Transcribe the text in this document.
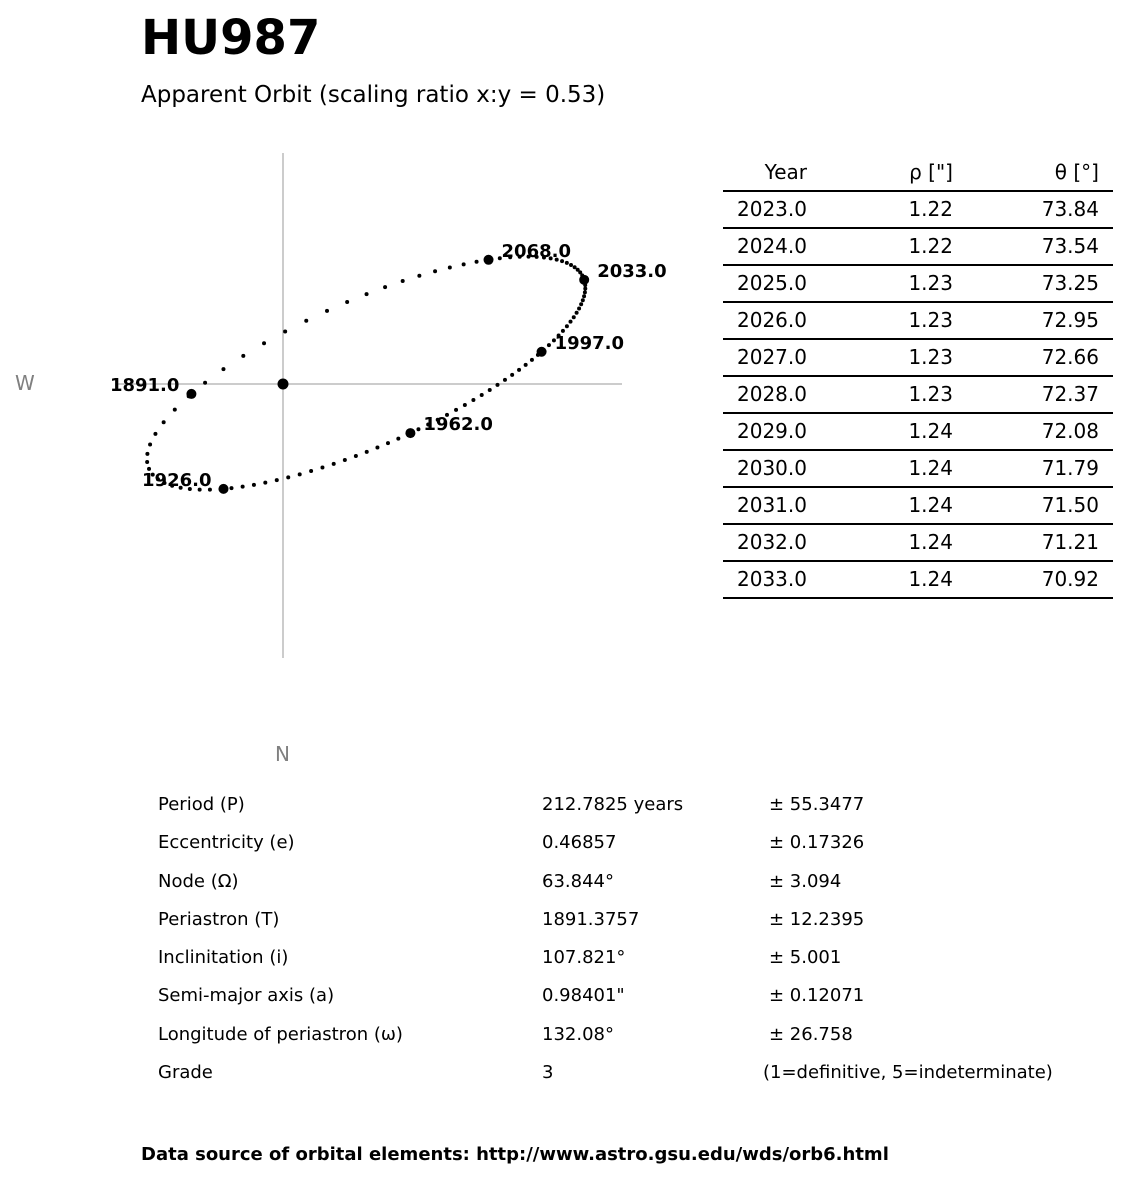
HU987
Apparent Orbit (scaling ratio x:y = 0.53)
1891.0
1926.0
1962.0
1997.0
2033.0
2068.0
W
N
Year	ρ ["]	θ [°]
2023.0	1.22	73.84
2024.0	1.22	73.54
2025.0	1.23	73.25
2026.0	1.23	72.95
2027.0	1.23	72.66
2028.0	1.23	72.37
2029.0	1.24	72.08
2030.0	1.24	71.79
2031.0	1.24	71.50
2032.0	1.24	71.21
2033.0	1.24	70.92
Period (P)	212.7825 years	± 55.3477
Eccentricity (e)	0.46857	± 0.17326
Node (Ω)	63.844°	± 3.094
Periastron (T)	1891.3757	± 12.2395
Inclinitation (i)	107.821°	± 5.001
Semi-major axis (a)	0.98401"	± 0.12071
Longitude of periastron (ω)	132.08°	± 26.758
Grade	3	(1=definitive, 5=indeterminate)
Data source of orbital elements: http://www.astro.gsu.edu/wds/orb6.html
